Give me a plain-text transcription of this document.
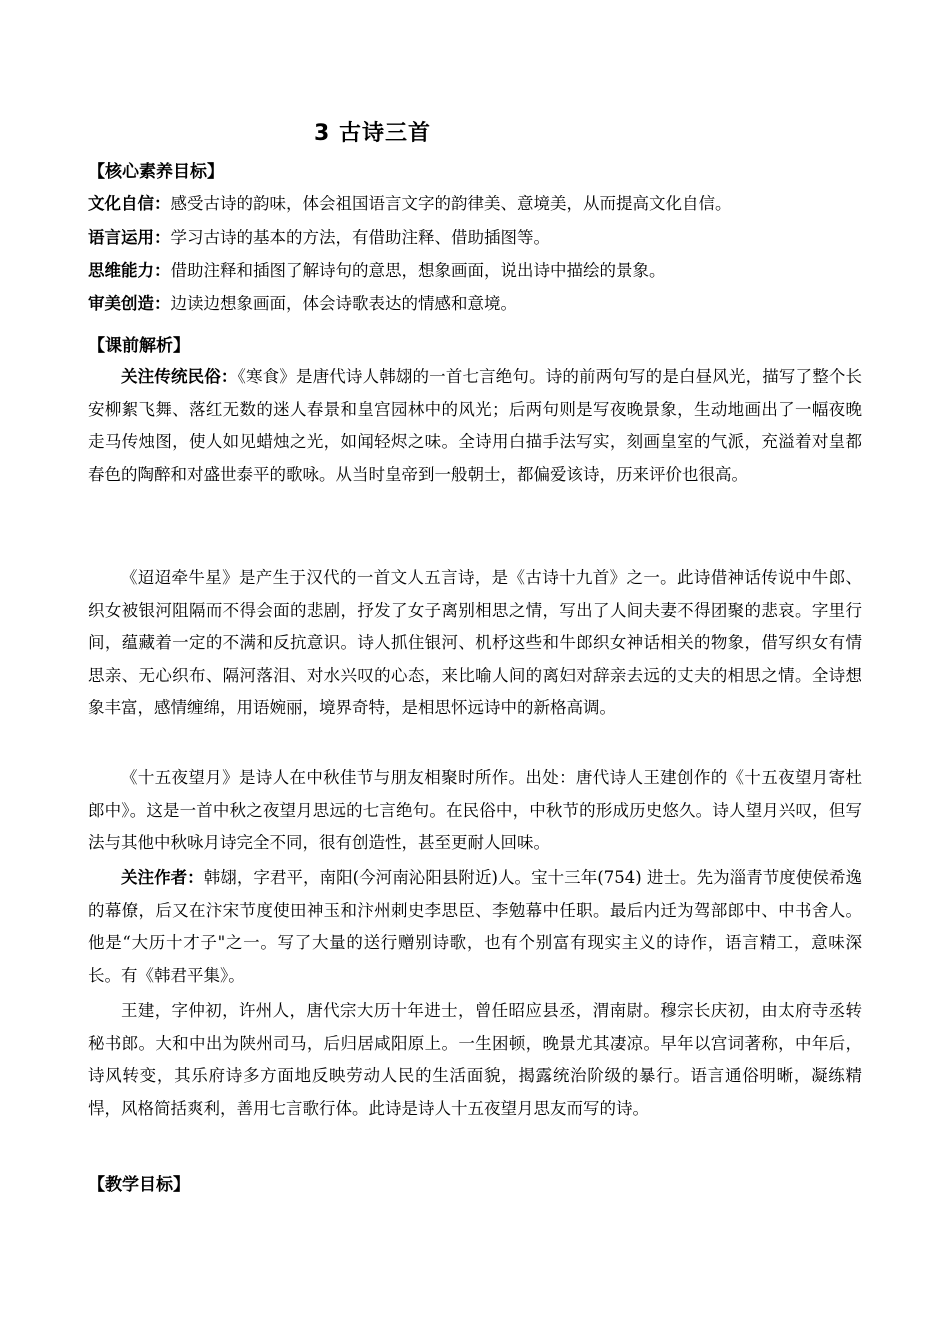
3 古诗三首
【核心素养目标】
文化自信：感受古诗的韵味，体会祖国语言文字的韵律美、意境美，从而提高文化自信。
语言运用：学习古诗的基本的方法，有借助注释、借助插图等。
思维能力：借助注释和插图了解诗句的意思，想象画面，说出诗中描绘的景象。
审美创造：边读边想象画面，体会诗歌表达的情感和意境。
【课前解析】

关注传统民俗：《寒食》是唐代诗人韩翃的一首七言绝句。诗的前两句写的是白昼风光，描写了整个长安柳絮飞舞、落红无数的迷人春景和皇宫园林中的风光；后两句则是写夜晚景象，生动地画出了一幅夜晚走马传烛图，使人如见蜡烛之光，如闻轻烬之味。全诗用白描手法写实，刻画皇室的气派，充溢着对皇都春色的陶醉和对盛世泰平的歌咏。从当时皇帝到一般朝士，都偏爱该诗，历来评价也很高。

《迢迢牵牛星》是产生于汉代的一首文人五言诗，是《古诗十九首》之一。此诗借神话传说中牛郎、织女被银河阻隔而不得会面的悲剧，抒发了女子离别相思之情，写出了人间夫妻不得团聚的悲哀。字里行间，蕴藏着一定的不满和反抗意识。诗人抓住银河、机杼这些和牛郎织女神话相关的物象，借写织女有情思亲、无心织布、隔河落泪、对水兴叹的心态，来比喻人间的离妇对辞亲去远的丈夫的相思之情。全诗想象丰富，感情缠绵，用语婉丽，境界奇特，是相思怀远诗中的新格高调。

《十五夜望月》是诗人在中秋佳节与朋友相聚时所作。出处：唐代诗人王建创作的《十五夜望月寄杜郎中》。这是一首中秋之夜望月思远的七言绝句。在民俗中，中秋节的形成历史悠久。诗人望月兴叹，但写法与其他中秋咏月诗完全不同，很有创造性，甚至更耐人回味。

关注作者：韩翃，字君平，南阳(今河南沁阳县附近)人。宝十三年(754) 进士。先为淄青节度使侯希逸的幕僚，后又在汴宋节度使田神玉和汴州刺史李思臣、李勉幕中任职。最后内迁为驾部郎中、中书舍人。他是“大历十才子"之一。写了大量的送行赠别诗歌，也有个别富有现实主义的诗作，语言精工，意味深长。有《韩君平集》。

王建，字仲初，许州人，唐代宗大历十年进士，曾任昭应县丞，渭南尉。穆宗长庆初，由太府寺丞转秘书郎。大和中出为陕州司马，后归居咸阳原上。一生困顿，晚景尤其凄凉。早年以宫词著称，中年后，诗风转变，其乐府诗多方面地反映劳动人民的生活面貌，揭露统治阶级的暴行。语言通俗明晰，凝练精悍，风格简括爽利，善用七言歌行体。此诗是诗人十五夜望月思友而写的诗。

【教学目标】
